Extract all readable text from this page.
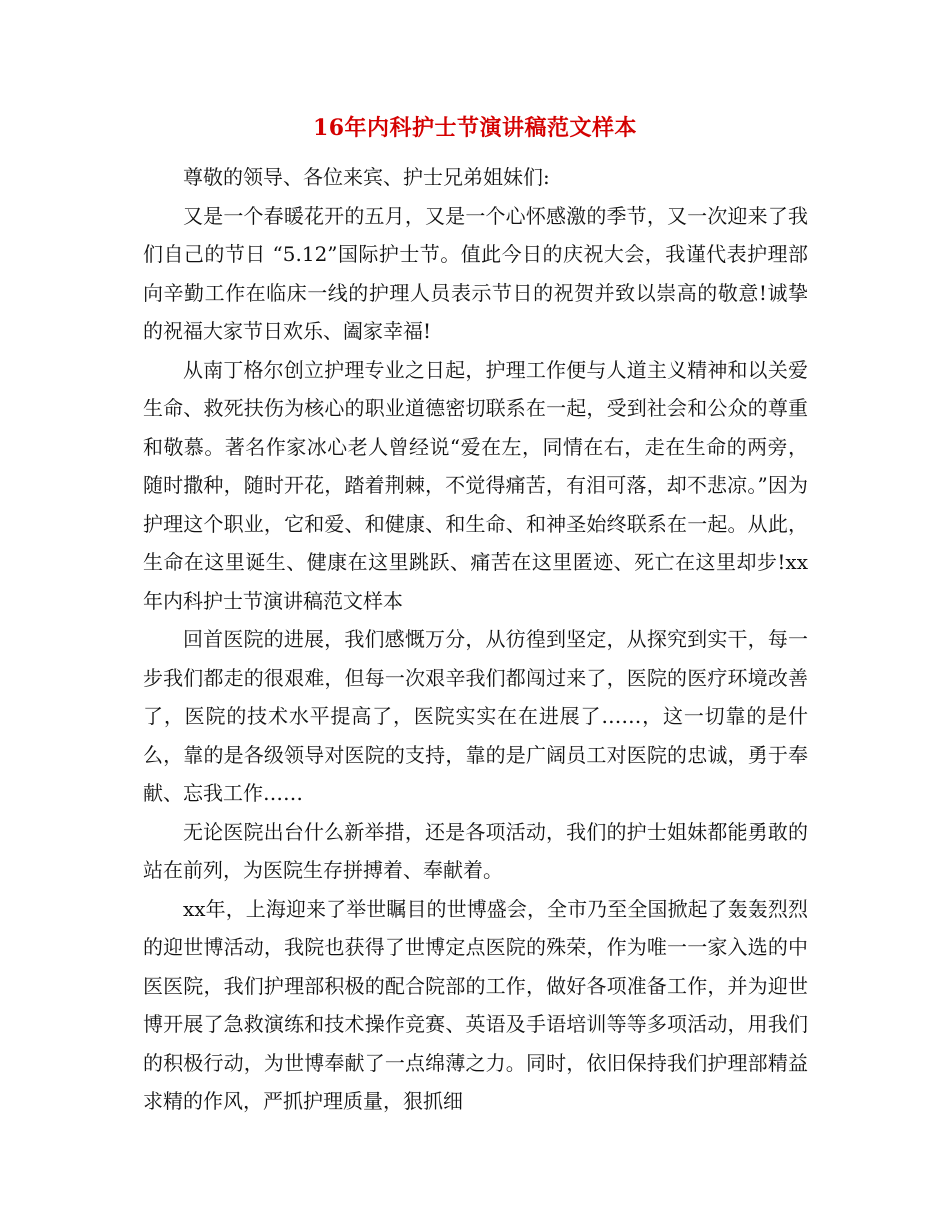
16年内科护士节演讲稿范文样本

尊敬的领导、各位来宾、护士兄弟姐妹们:

又是一个春暖花开的五月，又是一个心怀感激的季节，又一次迎来了我们自己的节日 “5.12”国际护士节。值此今日的庆祝大会，我谨代表护理部向辛勤工作在临床一线的护理人员表示节日的祝贺并致以崇高的敬意!诚挚的祝福大家节日欢乐、阖家幸福!

从南丁格尔创立护理专业之日起，护理工作便与人道主义精神和以关爱生命、救死扶伤为核心的职业道德密切联系在一起，受到社会和公众的尊重和敬慕。著名作家冰心老人曾经说“爱在左，同情在右，走在生命的两旁，随时撒种，随时开花，踏着荆棘，不觉得痛苦，有泪可落，却不悲凉。”因为护理这个职业，它和爱、和健康、和生命、和神圣始终联系在一起。从此，生命在这里诞生、健康在这里跳跃、痛苦在这里匿迹、死亡在这里却步!xx年内科护士节演讲稿范文样本

回首医院的进展，我们感慨万分，从彷徨到坚定，从探究到实干，每一步我们都走的很艰难，但每一次艰辛我们都闯过来了，医院的医疗环境改善了，医院的技术水平提高了，医院实实在在进展了……，这一切靠的是什么，靠的是各级领导对医院的支持，靠的是广阔员工对医院的忠诚，勇于奉献、忘我工作……

无论医院出台什么新举措，还是各项活动，我们的护士姐妹都能勇敢的站在前列，为医院生存拼搏着、奉献着。

xx年，上海迎来了举世瞩目的世博盛会，全市乃至全国掀起了轰轰烈烈的迎世博活动，我院也获得了世博定点医院的殊荣，作为唯一一家入选的中医医院，我们护理部积极的配合院部的工作，做好各项准备工作，并为迎世博开展了急救演练和技术操作竞赛、英语及手语培训等等多项活动，用我们的积极行动，为世博奉献了一点绵薄之力。同时，依旧保持我们护理部精益求精的作风，严抓护理质量，狠抓细
